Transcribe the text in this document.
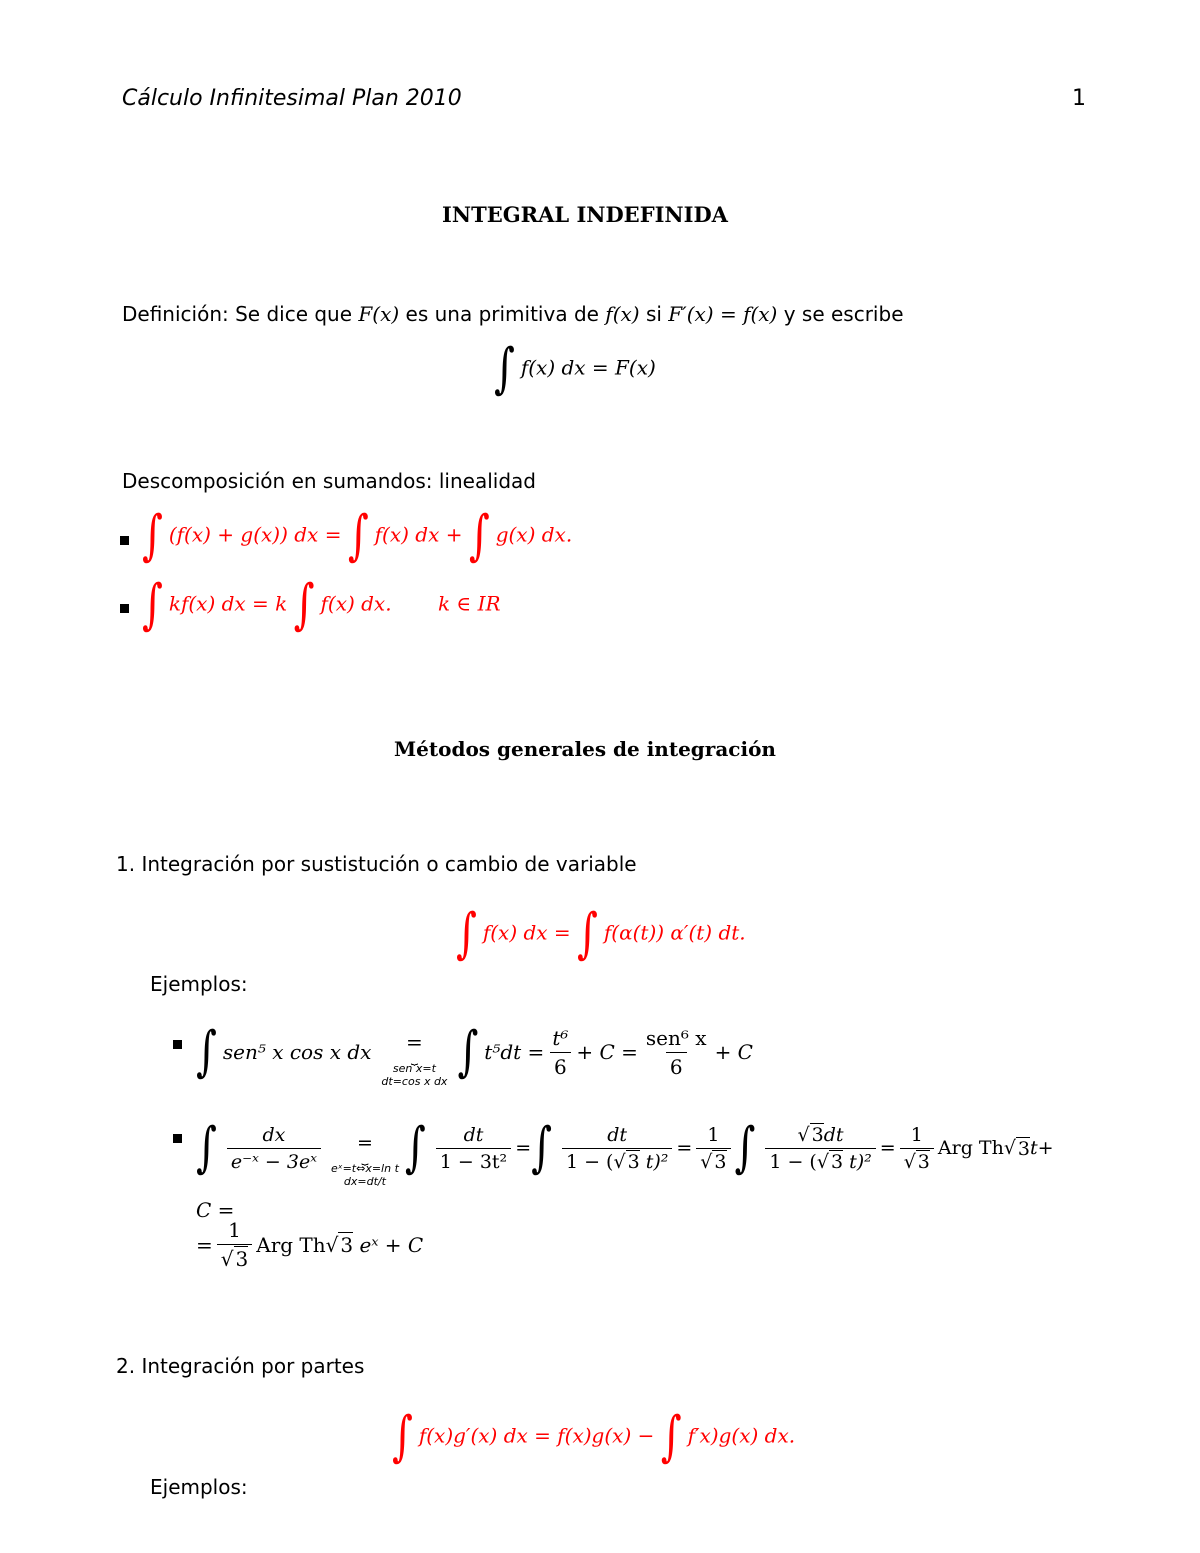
Cálculo Infinitesimal Plan 2010	1
INTEGRAL INDEFINIDA
Definición: Se dice que F(x) es una primitiva de f(x) si F′(x) = f(x) y se escribe
∫ f(x) dx = F(x)
Descomposición en sumandos: linealidad
∫ (f(x) + g(x)) dx = ∫ f(x) dx + ∫ g(x) dx.
∫ kf(x) dx = k ∫ f(x) dx. k ∈ IR
Métodos generales de integración
1. Integración por sustistución o cambio de variable
∫ f(x) dx = ∫ f(α(t)) α′(t) dt.
Ejemplos:
∫ sen⁵ x cos x dx =
⏟
sen x=t
dt=cos x dx ∫ $t^5dt = \frac{\text{t⁶}}{6} + C = \frac{\text{sen⁶ x}}{6} + C$
∫ $\frac{dx}{\text{e⁻ˣ − 3eˣ}}$ =
⏟
eˣ=t⇔x=ln t
dx=dt/t
∫ $\frac{dt}{\text{1 − 3t²}}$ = ∫ $\frac{dt}{\text{1 − (√ 3 t)²}} = \frac{1}{√ 3}$ ∫ $\frac{√ 3dt}{\text{1 − (√ 3 t)²}} = \frac{1}{√ 3}$ Arg Th √ 3 t+
C =
= $\frac{1}{√ 3}$ Arg Th √ 3 eˣ + C
2. Integración por partes
∫ f(x)g′(x) dx = f(x)g(x) − ∫ f′x)g(x) dx.
Ejemplos:
